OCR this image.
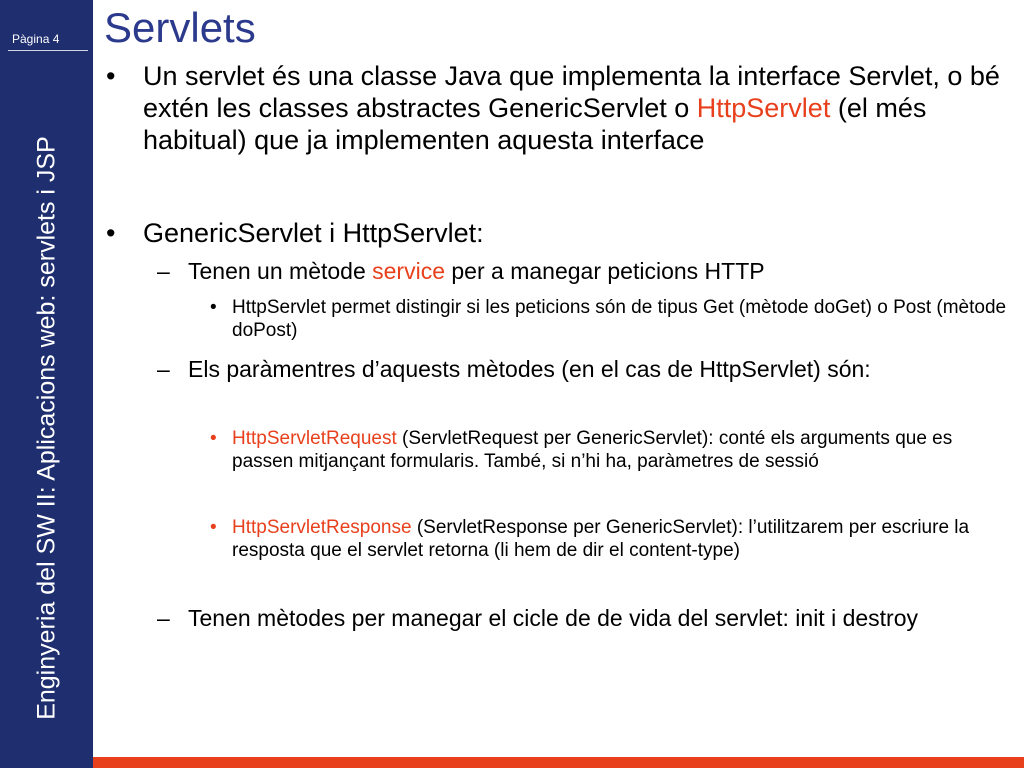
Pàgina 4
Enginyeria del SW II: Aplicacions web: servlets i JSP
Servlets
• Un servlet és una classe Java que implementa la interface Servlet, o bé extén les classes abstractes GenericServlet o HttpServlet (el més habitual) que ja implementen aquesta interface
• GenericServlet i HttpServlet:
– Tenen un mètode service per a manegar peticions HTTP
• HttpServlet permet distingir si les peticions són de tipus Get (mètode doGet) o Post (mètode doPost)
– Els paràmentres d’aquests mètodes (en el cas de HttpServlet) són:
• HttpServletRequest (ServletRequest per GenericServlet): conté els arguments que es passen mitjançant formularis. També, si n’hi ha, paràmetres de sessió
• HttpServletResponse (ServletResponse per GenericServlet): l’utilitzarem per escriure la resposta que el servlet retorna (li hem de dir el content-type)
– Tenen mètodes per manegar el cicle de de vida del servlet: init i destroy
